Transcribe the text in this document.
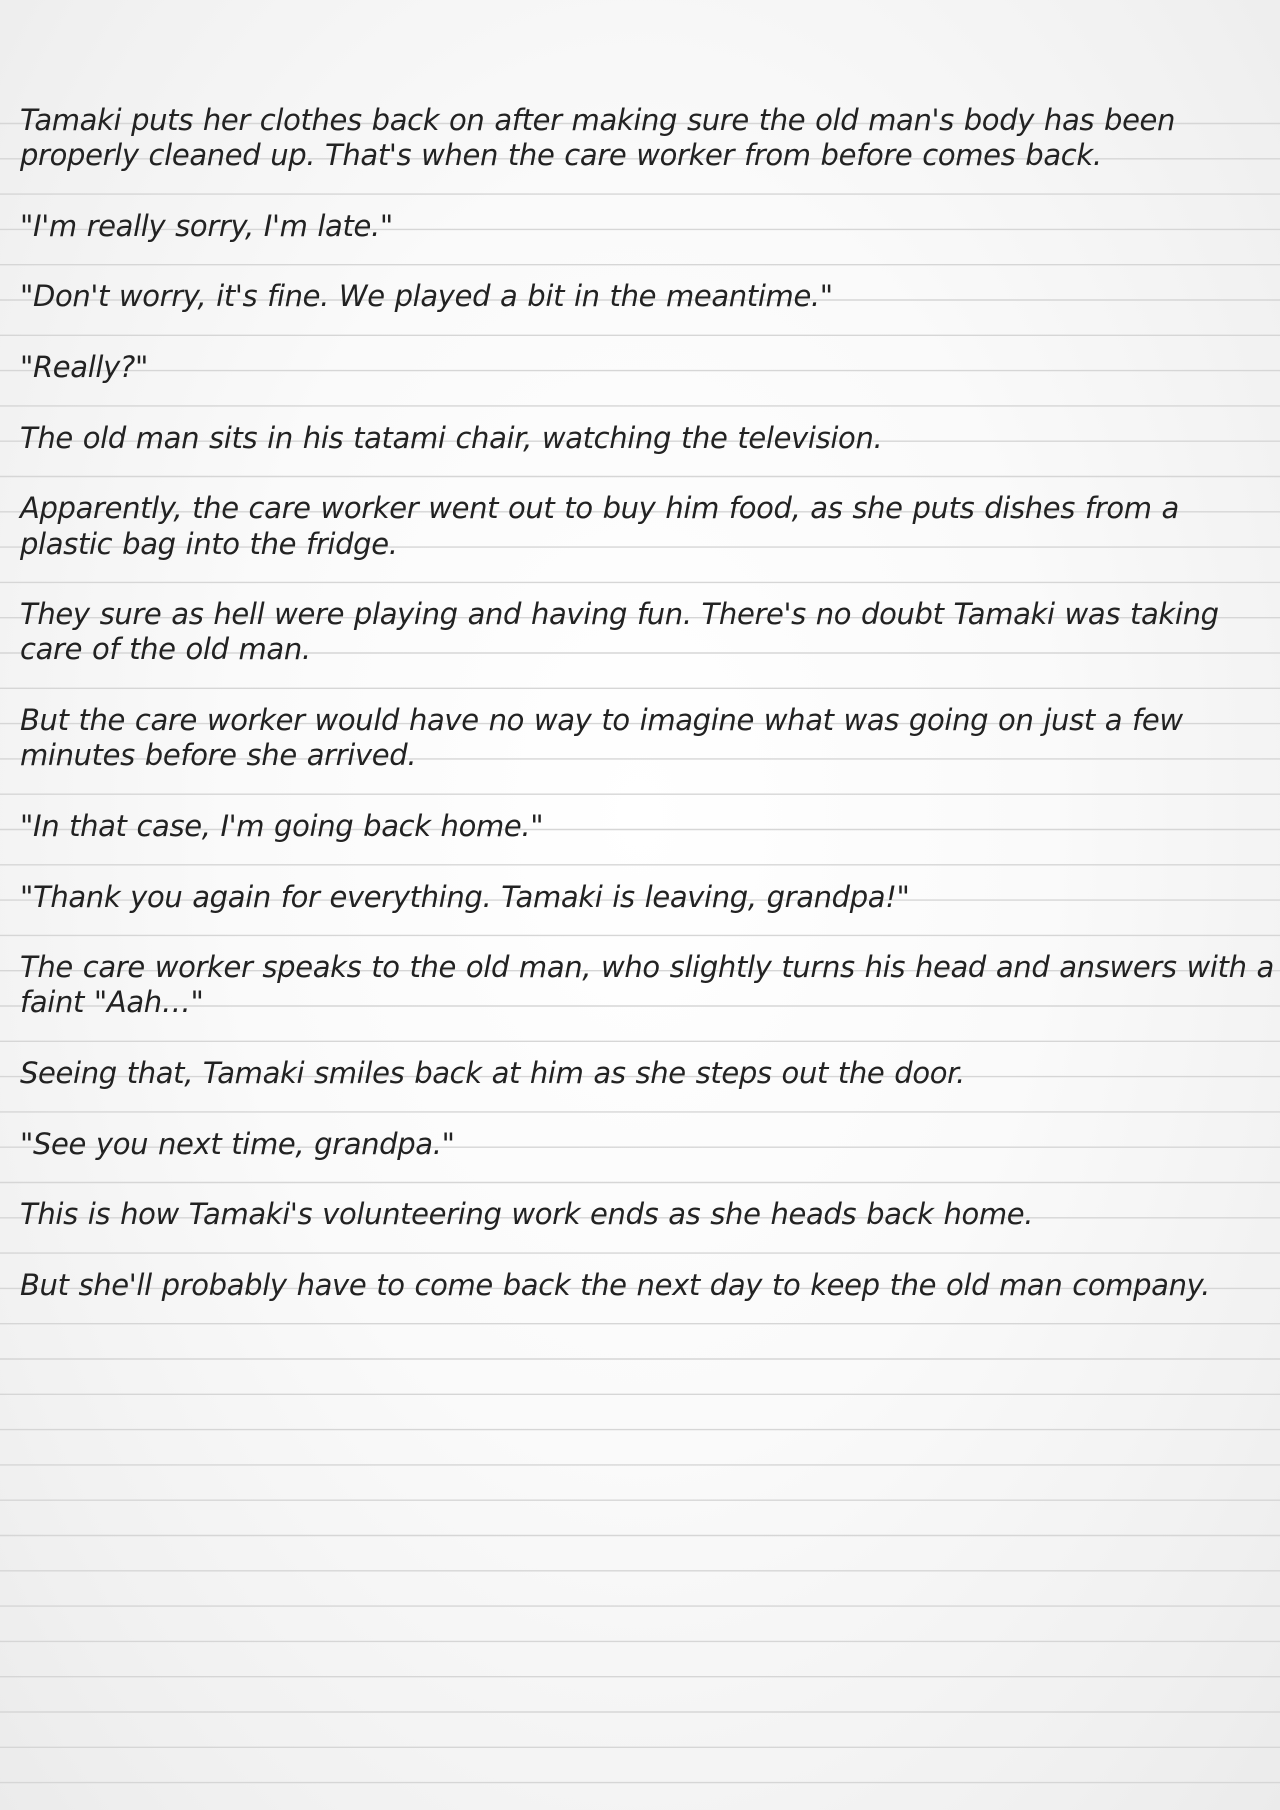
Tamaki puts her clothes back on after making sure the old man's body has been properly cleaned up. That's when the care worker from before comes back.

"I'm really sorry, I'm late."

"Don't worry, it's fine. We played a bit in the meantime."

"Really?"

The old man sits in his tatami chair, watching the television.

Apparently, the care worker went out to buy him food, as she puts dishes from a plastic bag into the fridge.

They sure as hell were playing and having fun. There's no doubt Tamaki was taking care of the old man.

But the care worker would have no way to imagine what was going on just a few minutes before she arrived.

"In that case, I'm going back home."

"Thank you again for everything. Tamaki is leaving, grandpa!"

The care worker speaks to the old man, who slightly turns his head and answers with a faint "Aah…"

Seeing that, Tamaki smiles back at him as she steps out the door.

"See you next time, grandpa."

This is how Tamaki's volunteering work ends as she heads back home.

But she'll probably have to come back the next day to keep the old man company.
